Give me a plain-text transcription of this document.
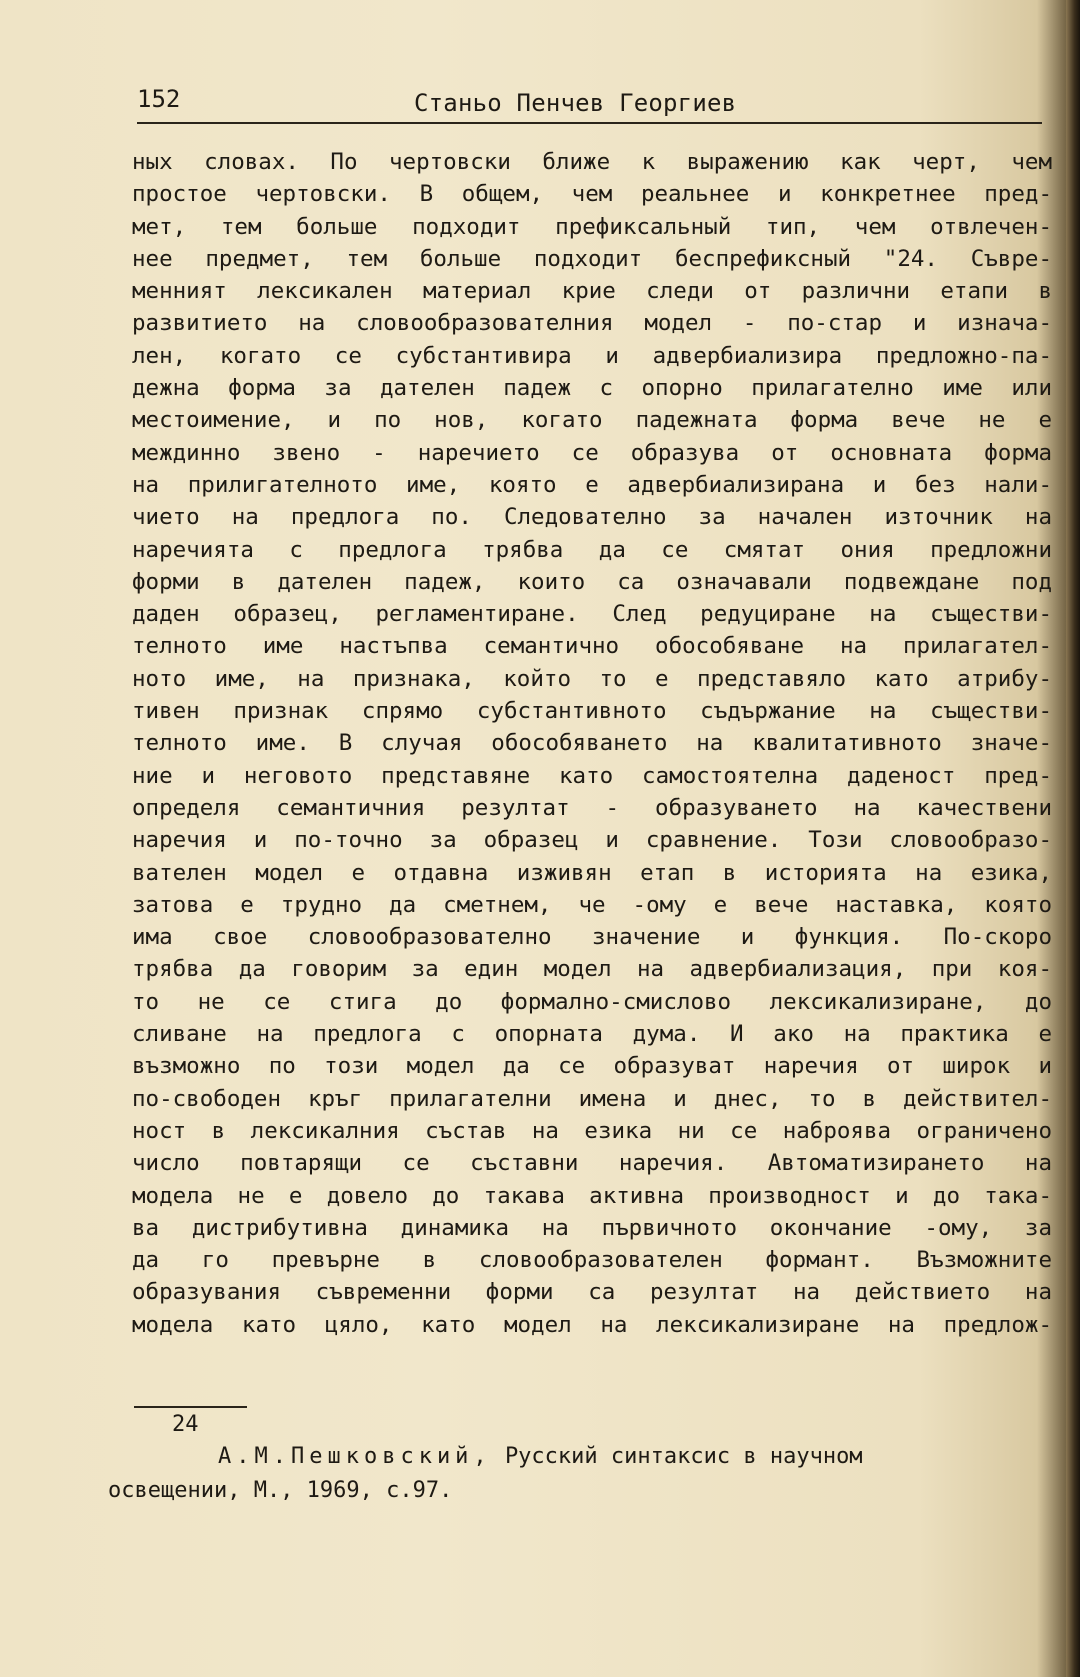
152	Станьо Пенчев Георгиев
ных словах. По чертовски ближе к выражению как черт, чем
простое чертовски. В общем, чем реальнее и конкретнее пред-
мет, тем больше подходит префиксальный тип, чем отвлечен-
нее предмет, тем больше подходит беспрефиксный "24. Съвре-
менният лексикален материал крие следи от различни етапи в
развитието на словообразователния модел - по-стар и изнача-
лен, когато се субстантивира и адвербиализира предложно-па-
дежна форма за дателен падеж с опорно прилагателно име или
местоимение, и по нов, когато падежната форма вече не е
междинно звено - наречието се образува от основната форма
на прилигателното име, която е адвербиализирана и без нали-
чието на предлога по. Следователно за начален източник на
наречията с предлога трябва да се смятат ония предложни
форми в дателен падеж, които са означавали подвеждане под
даден образец, регламентиране. След редуциране на съществи-
телното име настъпва семантично обособяване на прилагател-
ното име, на признака, който то е представяло като атрибу-
тивен признак спрямо субстантивното съдържание на съществи-
телното име. В случая обособяването на квалитативното значе-
ние и неговото представяне като самостоятелна даденост пред-
определя семантичния резултат - образуването на качествени
наречия и по-точно за образец и сравнение. Този словообразо-
вателен модел е отдавна изживян етап в историята на езика,
затова е трудно да сметнем, че -ому е вече наставка, която
има свое словообразователно значение и функция. По-скоро
трябва да говорим за един модел на адвербиализация, при коя-
то не се стига до формално-смислово лексикализиране, до
сливане на предлога с опорната дума. И ако на практика е
възможно по този модел да се образуват наречия от широк и
по-свободен кръг прилагателни имена и днес, то в действител-
ност в лексикалния състав на езика ни се наброява ограничено
число повтарящи се съставни наречия. Автоматизирането на
модела не е довело до такава активна производност и до така-
ва дистрибутивна динамика на първичното окончание -ому, за
да го превърне в словообразователен формант. Възможните
образувания съвременни форми са резултат на действието на
модела като цяло, като модел на лексикализиране на предлож-
24
А.М.Пешковский, Русский синтаксис в научном
освещении, М., 1969, с.97.
